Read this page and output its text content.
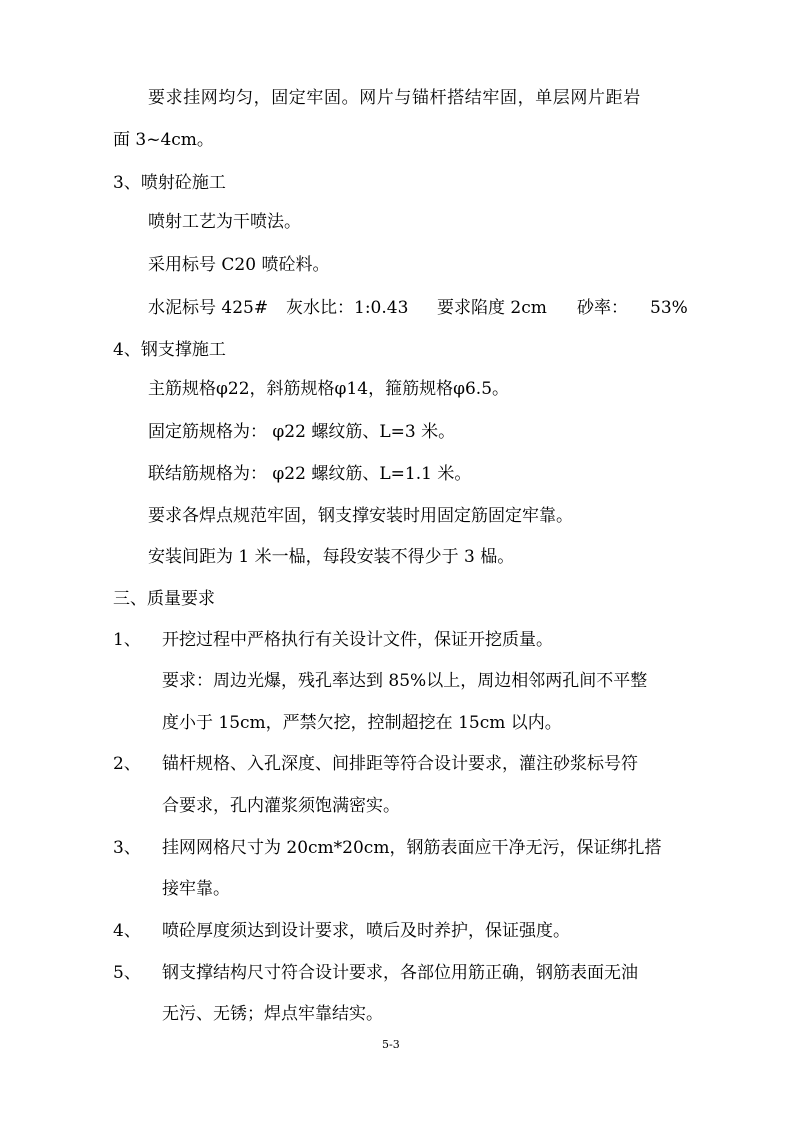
要求挂网均匀，固定牢固。网片与锚杆搭结牢固，单层网片距岩
面 3~4cm。
3、喷射砼施工
喷射工艺为干喷法。
采用标号 C20 喷砼料。
水泥标号 425# 灰水比：1:0.43 要求陷度 2cm 砂率： 53%
4、钢支撑施工
主筋规格φ22，斜筋规格φ14，箍筋规格φ6.5。
固定筋规格为： φ22 螺纹筋、L=3 米。
联结筋规格为： φ22 螺纹筋、L=1.1 米。
要求各焊点规范牢固，钢支撑安装时用固定筋固定牢靠。
安装间距为 1 米一榀，每段安装不得少于 3 榀。
三、质量要求
1、 开挖过程中严格执行有关设计文件，保证开挖质量。
要求：周边光爆，残孔率达到 85%以上，周边相邻两孔间不平整
度小于 15cm，严禁欠挖，控制超挖在 15cm 以内。
2、 锚杆规格、入孔深度、间排距等符合设计要求，灌注砂浆标号符
合要求，孔内灌浆须饱满密实。
3、 挂网网格尺寸为 20cm*20cm，钢筋表面应干净无污，保证绑扎搭
接牢靠。
4、 喷砼厚度须达到设计要求，喷后及时养护，保证强度。
5、 钢支撑结构尺寸符合设计要求，各部位用筋正确，钢筋表面无油
无污、无锈；焊点牢靠结实。
5-3
